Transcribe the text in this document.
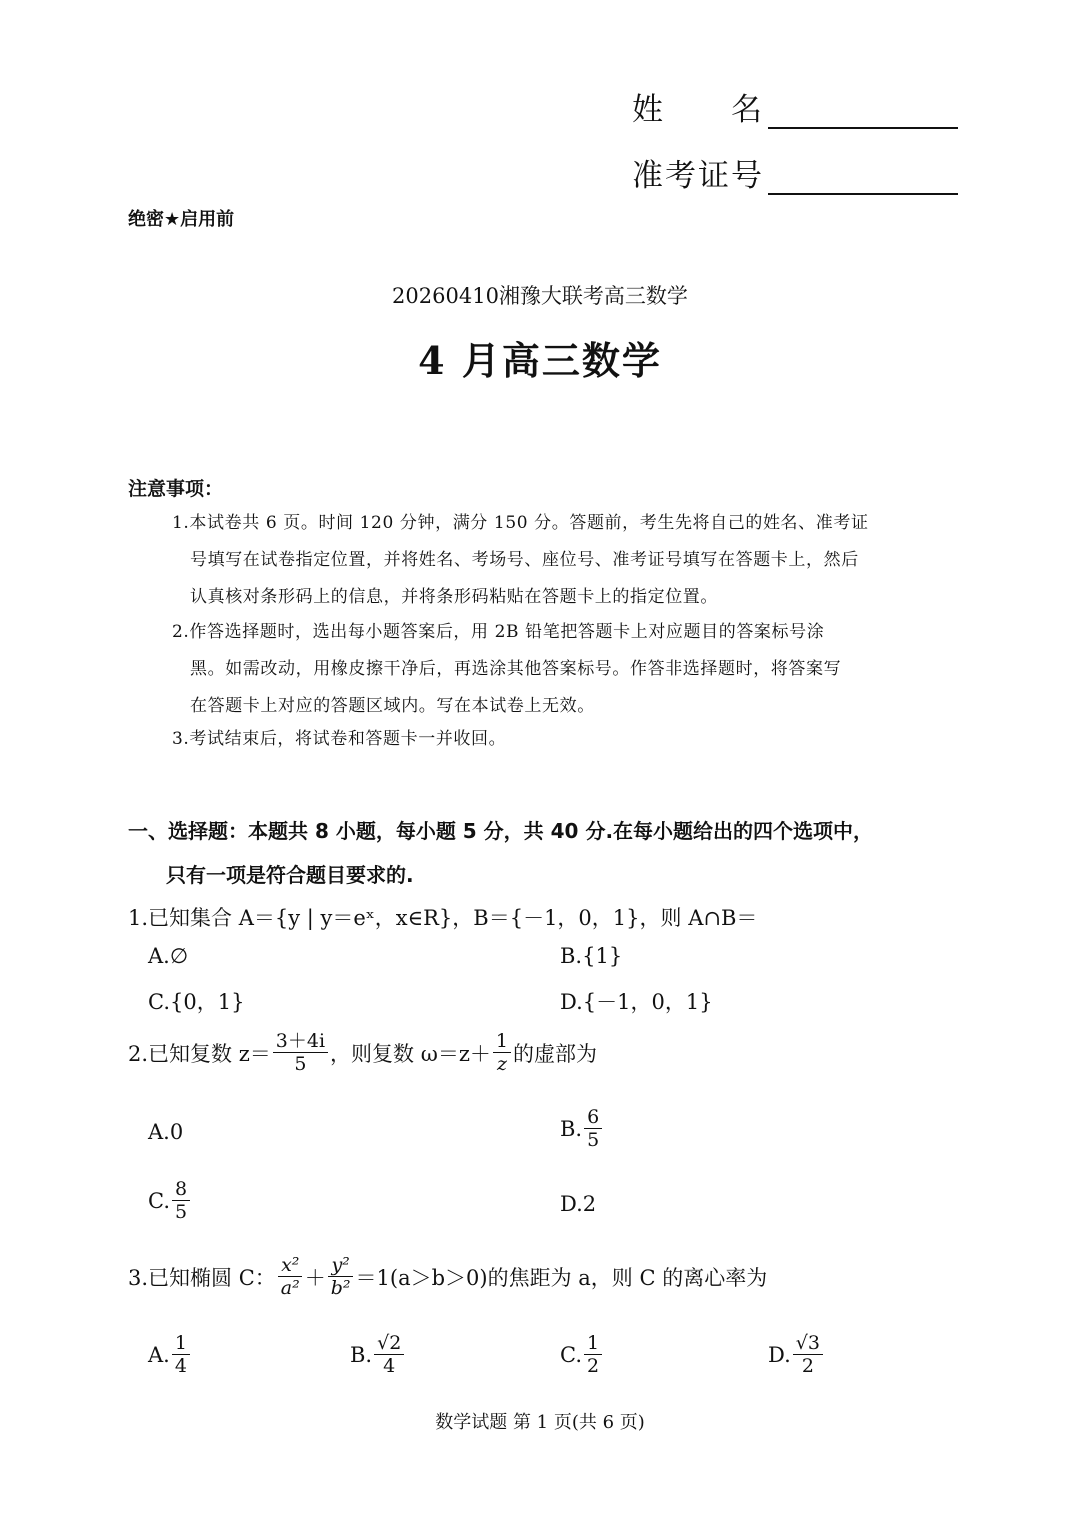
姓　　名
准考证号
绝密★启用前
20260410湘豫大联考高三数学
4 月高三数学
注意事项：
1.本试卷共 6 页。时间 120 分钟，满分 150 分。答题前，考生先将自己的姓名、准考证
号填写在试卷指定位置，并将姓名、考场号、座位号、准考证号填写在答题卡上，然后
认真核对条形码上的信息，并将条形码粘贴在答题卡上的指定位置。
2.作答选择题时，选出每小题答案后，用 2B 铅笔把答题卡上对应题目的答案标号涂
黑。如需改动，用橡皮擦干净后，再选涂其他答案标号。作答非选择题时，将答案写
在答题卡上对应的答题区域内。写在本试卷上无效。
3.考试结束后，将试卷和答题卡一并收回。
一、选择题：本题共 8 小题，每小题 5 分，共 40 分.在每小题给出的四个选项中，
只有一项是符合题目要求的.
1.已知集合 A＝{y | y＝eˣ，x∈R}，B＝{－1，0，1}，则 A∩B＝
A.∅	B.{1}
C.{0，1}	D.{－1，0，1}
2.已知复数 $z= \frac{3+4i}{5}$ ，则复数 $\omega=z+ \frac{1}{z}$ 的虚部为
A.0	B. $\frac{6}{5}$
C. $\frac{8}{5}$	D.2
3.已知椭圆 C： $\frac{\text{x²}}{\text{a²}} + \frac{\text{y²}}{\text{b²}} =1(a>b>0)$的焦距为 a，则 C 的离心率为
A. $\frac{1}{4}$	B. $\frac{√2}{4}$	C. $\frac{1}{2}$	D. $\frac{√3}{2}$
数学试题 第 1 页(共 6 页)
